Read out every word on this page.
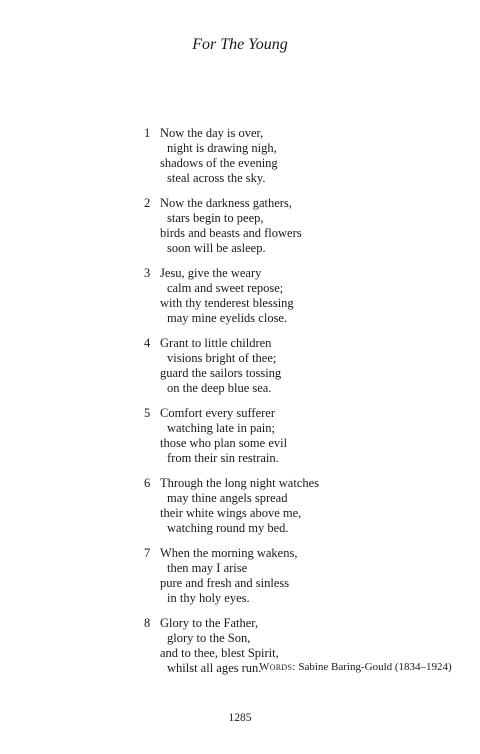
For The Young
1 Now the day is over,
night is drawing nigh,
shadows of the evening
steal across the sky.
2 Now the darkness gathers,
stars begin to peep,
birds and beasts and flowers
soon will be asleep.
3 Jesu, give the weary
calm and sweet repose;
with thy tenderest blessing
may mine eyelids close.
4 Grant to little children
visions bright of thee;
guard the sailors tossing
on the deep blue sea.
5 Comfort every sufferer
watching late in pain;
those who plan some evil
from their sin restrain.
6 Through the long night watches
may thine angels spread
their white wings above me,
watching round my bed.
7 When the morning wakens,
then may I arise
pure and fresh and sinless
in thy holy eyes.
8 Glory to the Father,
glory to the Son,
and to thee, blest Spirit,
whilst all ages run.
Words: Sabine Baring-Gould (1834–1924)
1285
